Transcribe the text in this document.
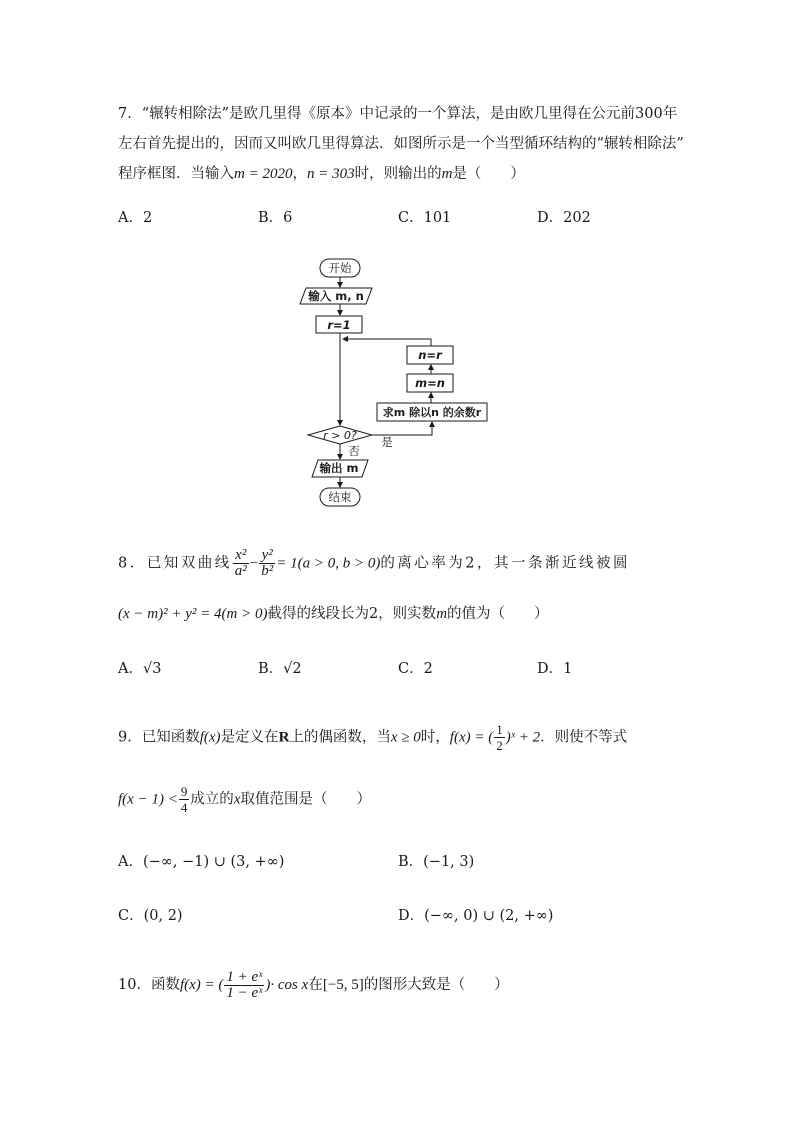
7．“辗转相除法”是欧几里得《原本》中记录的一个算法，是由欧几里得在公元前300年
左右首先提出的，因而又叫欧几里得算法．如图所示是一个当型循环结构的“辗转相除法”
程序框图．当输入m = 2020，n = 303时，则输出的m是（　　）
A．2	B．6	C．101	D．202
开始
输入 m, n
r=1
r > 0? 是
否
求m 除以n 的余数r
m=n
n=r
输出 m
结束
8．已知双曲线 $\frac{\text{x²}}{\text{a²}} - \frac{\text{y²}}{\text{b²}} = 1(a > 0$, b > 0)的离心率为2，其一条渐近线被圆
(x − m)² + y² = 4(m > 0)截得的线段长为2，则实数m的值为（　　）
A．√3	B．√2	C．2	D．1
9．已知函数f(x)是定义在R上的偶函数，当x ≥ 0时，f(x) = ( $\frac{1}{2}$ )ˣ + 2．则使不等式
$f(x - 1) < \frac{9}{4}$ 成立的x取值范围是（　　）
A．(−∞, −1) ∪ (3, +∞)	B．(−1, 3)
C．(0, 2)	D．(−∞, 0) ∪ (2, +∞)
10．函数f(x) = ( $\frac{\text{1 + eˣ}}{\text{1 − eˣ}}$ )· cos x在[−5, 5]的图形大致是（　　）
